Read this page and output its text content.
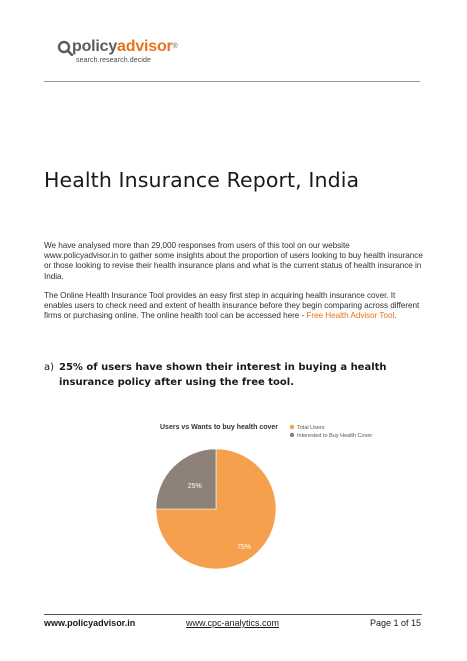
policyadvisor®
search.research.decide
Health Insurance Report, India
We have analysed more than 29,000 responses from users of this tool on our website www.policyadvisor.in to gather some insights about the proportion of users looking to buy health insurance or those looking to revise their health insurance plans and what is the current status of health insurance in India.
The Online Health Insurance Tool provides an easy first step in acquiring health insurance cover. It enables users to check need and extent of health insurance before they begin comparing across different firms or purchasing online. The online health tool can be accessed here - Free Health Advisor Tool.
a) 25% of users have shown their interest in buying a health insurance policy after using the free tool.
Users vs Wants to buy health cover
75%
25%
Total Users
Interested to Buy Health Cover
www.policyadvisor.in	www.cpc-analytics.com	Page 1 of 15
